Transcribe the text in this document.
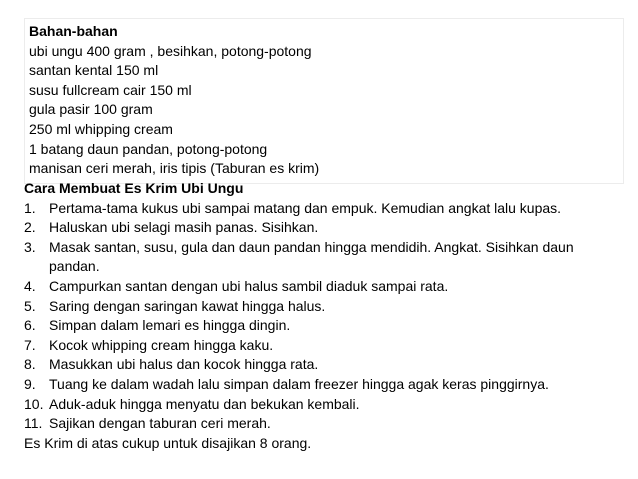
Bahan-bahan
ubi ungu 400 gram , besihkan, potong-potong
santan kental 150 ml
susu fullcream cair 150 ml
gula pasir 100 gram
250 ml whipping cream
1 batang daun pandan, potong-potong
manisan ceri merah, iris tipis (Taburan es krim)
Cara Membuat Es Krim Ubi Ungu
1. Pertama-tama kukus ubi sampai matang dan empuk. Kemudian angkat lalu kupas.
2. Haluskan ubi selagi masih panas. Sisihkan.
3. Masak santan, susu, gula dan daun pandan hingga mendidih. Angkat. Sisihkan daun pandan.
4. Campurkan santan dengan ubi halus sambil diaduk sampai rata.
5. Saring dengan saringan kawat hingga halus.
6. Simpan dalam lemari es hingga dingin.
7. Kocok whipping cream hingga kaku.
8. Masukkan ubi halus dan kocok hingga rata.
9. Tuang ke dalam wadah lalu simpan dalam freezer hingga agak keras pinggirnya.
10. Aduk-aduk hingga menyatu dan bekukan kembali.
11. Sajikan dengan taburan ceri merah.
Es Krim di atas cukup untuk disajikan 8 orang.
